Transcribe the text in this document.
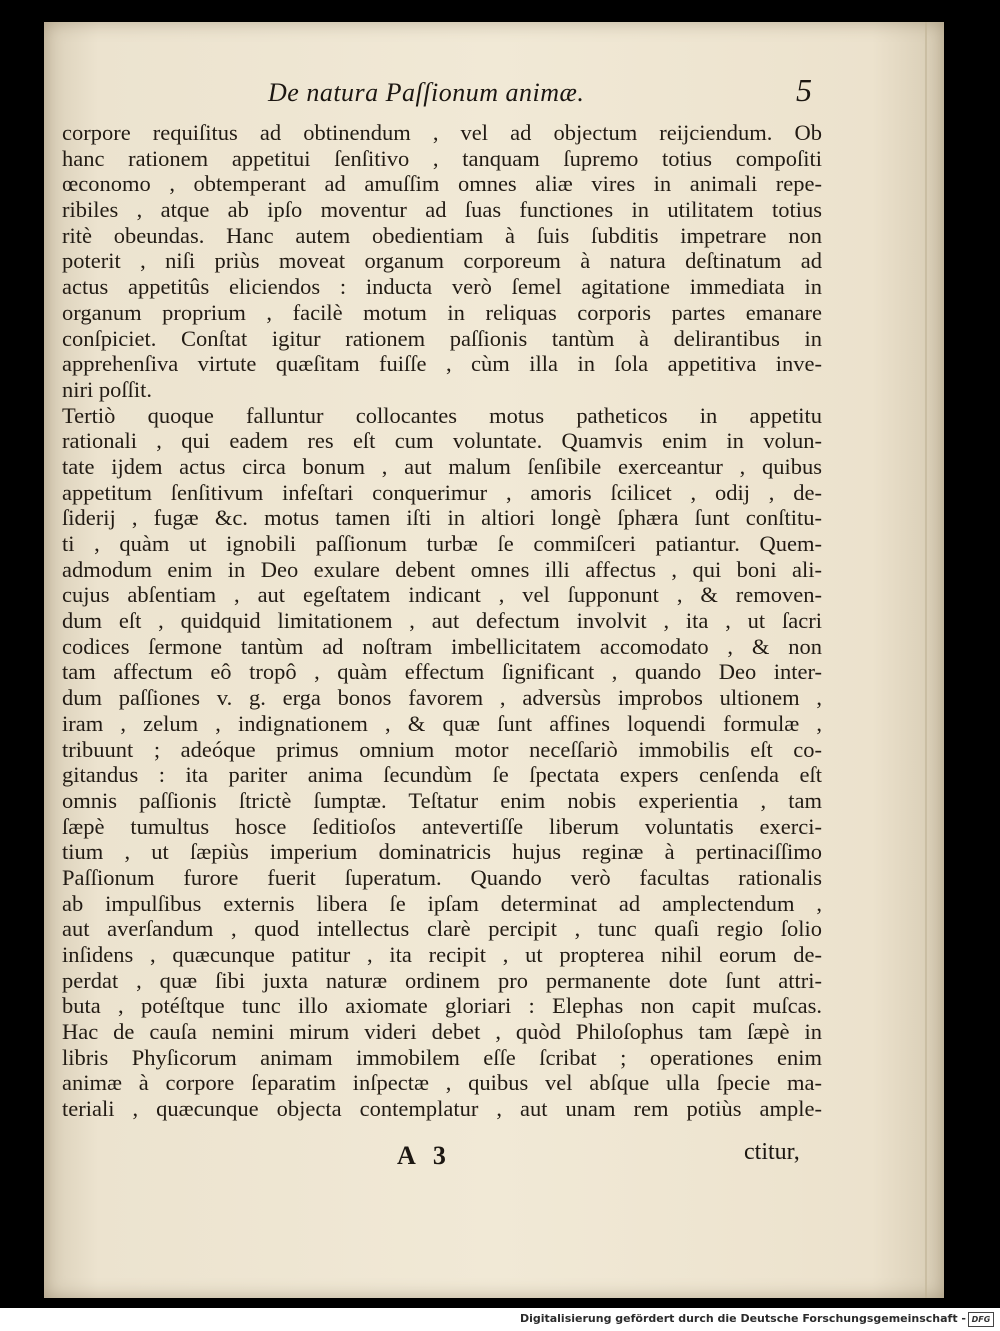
De natura Paſſionum animæ.	5
corpore requiſitus ad obtinendum , vel ad objectum reijciendum. Ob
hanc rationem appetitui ſenſitivo , tanquam ſupremo totius compoſiti
œconomo , obtemperant ad amuſſim omnes aliæ vires in animali repe-
ribiles , atque ab ipſo moventur ad ſuas functiones in utilitatem totius
ritè obeundas. Hanc autem obedientiam à ſuis ſubditis impetrare non
poterit , niſi priùs moveat organum corporeum à natura deſtinatum ad
actus appetitûs eliciendos : inducta verò ſemel agitatione immediata in
organum proprium , facilè motum in reliquas corporis partes emanare
conſpiciet. Conſtat igitur rationem paſſionis tantùm à delirantibus in
apprehenſiva virtute quæſitam fuiſſe , cùm illa in ſola appetitiva inve-
niri poſſit.
Tertiò quoque falluntur collocantes motus patheticos in appetitu
rationali , qui eadem res eſt cum voluntate. Quamvis enim in volun-
tate ijdem actus circa bonum , aut malum ſenſibile exerceantur , quibus
appetitum ſenſitivum infeſtari conquerimur , amoris ſcilicet , odij , de-
ſiderij , fugæ &c. motus tamen iſti in altiori longè ſphæra ſunt conſtitu-
ti , quàm ut ignobili paſſionum turbæ ſe commiſceri patiantur. Quem-
admodum enim in Deo exulare debent omnes illi affectus , qui boni ali-
cujus abſentiam , aut egeſtatem indicant , vel ſupponunt , & removen-
dum eſt , quidquid limitationem , aut defectum involvit , ita , ut ſacri
codices ſermone tantùm ad noſtram imbellicitatem accomodato , & non
tam affectum eô tropô , quàm effectum ſignificant , quando Deo inter-
dum paſſiones v. g. erga bonos favorem , adversùs improbos ultionem ,
iram , zelum , indignationem , & quæ ſunt affines loquendi formulæ ,
tribuunt ; adeóque primus omnium motor neceſſariò immobilis eſt co-
gitandus : ita pariter anima ſecundùm ſe ſpectata expers cenſenda eſt
omnis paſſionis ſtrictè ſumptæ. Teſtatur enim nobis experientia , tam
ſæpè tumultus hosce ſeditioſos antevertiſſe liberum voluntatis exerci-
tium , ut ſæpiùs imperium dominatricis hujus reginæ à pertinaciſſimo
Paſſionum furore fuerit ſuperatum. Quando verò facultas rationalis
ab impulſibus externis libera ſe ipſam determinat ad amplectendum ,
aut averſandum , quod intellectus clarè percipit , tunc quaſi regio ſolio
inſidens , quæcunque patitur , ita recipit , ut propterea nihil eorum de-
perdat , quæ ſibi juxta naturæ ordinem pro permanente dote ſunt attri-
buta , potéſtque tunc illo axiomate gloriari : Elephas non capit muſcas.
Hac de cauſa nemini mirum videri debet , quòd Philoſophus tam ſæpè in
libris Phyſicorum animam immobilem eſſe ſcribat ; operationes enim
animæ à corpore ſeparatim inſpectæ , quibus vel abſque ulla ſpecie ma-
teriali , quæcunque objecta contemplatur , aut unam rem potiùs ample-
A 3	ctitur,
Digitalisierung gefördert durch die Deutsche Forschungsgemeinschaft - DFG
